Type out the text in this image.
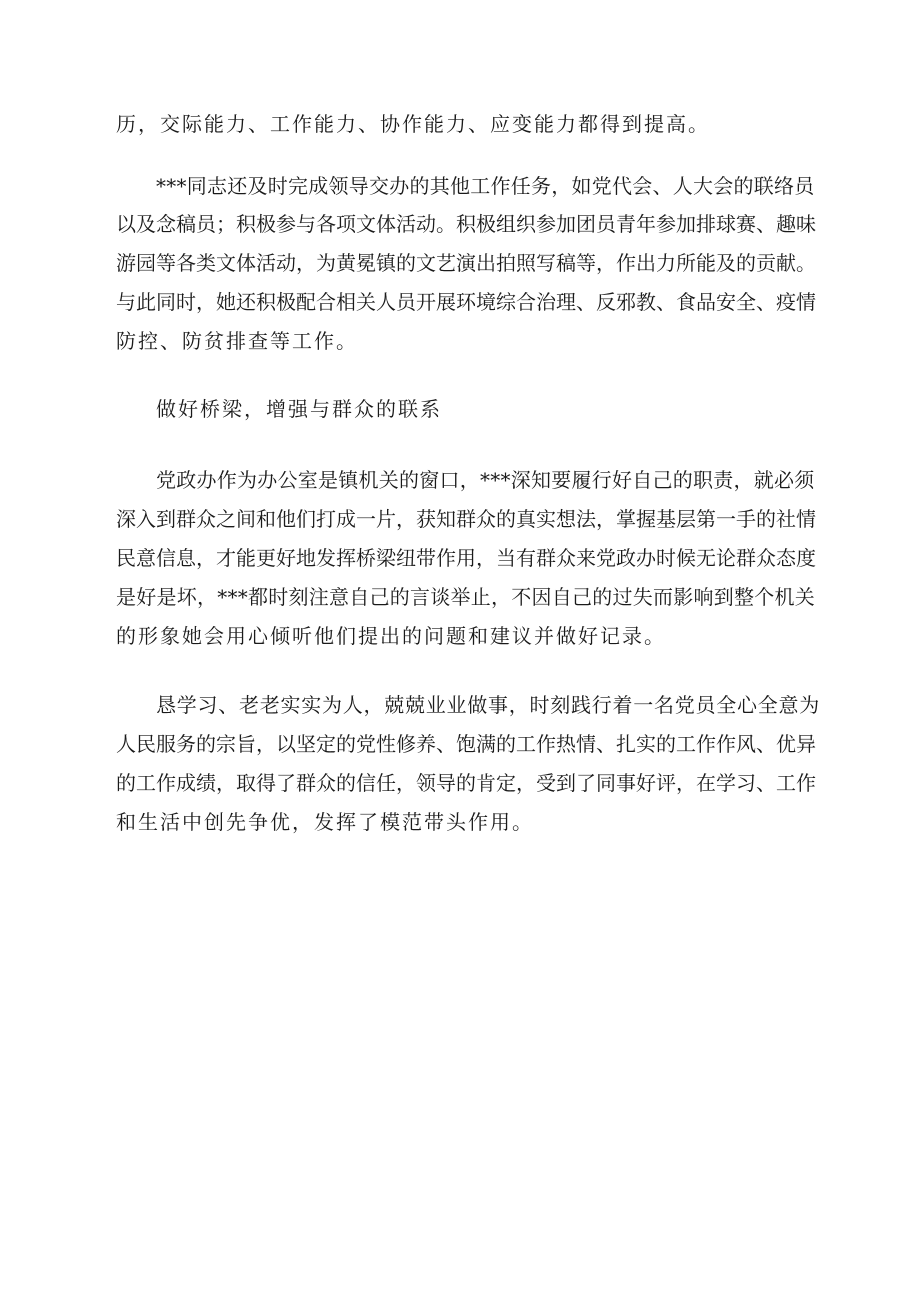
历，交际能力、工作能力、协作能力、应变能力都得到提高。

***同志还及时完成领导交办的其他工作任务，如党代会、人大会的联络员

以及念稿员；积极参与各项文体活动。积极组织参加团员青年参加排球赛、趣味

游园等各类文体活动，为黄冕镇的文艺演出拍照写稿等，作出力所能及的贡献。

与此同时，她还积极配合相关人员开展环境综合治理、反邪教、食品安全、疫情

防控、防贫排查等工作。

做好桥梁，增强与群众的联系

党政办作为办公室是镇机关的窗口，***深知要履行好自己的职责，就必须

深入到群众之间和他们打成一片，获知群众的真实想法，掌握基层第一手的社情

民意信息，才能更好地发挥桥梁纽带作用，当有群众来党政办时候无论群众态度

是好是坏，***都时刻注意自己的言谈举止，不因自己的过失而影响到整个机关

的形象她会用心倾听他们提出的问题和建议并做好记录。

恳学习、老老实实为人，兢兢业业做事，时刻践行着一名党员全心全意为

人民服务的宗旨，以坚定的党性修养、饱满的工作热情、扎实的工作作风、优异

的工作成绩，取得了群众的信任，领导的肯定，受到了同事好评，在学习、工作

和生活中创先争优，发挥了模范带头作用。
